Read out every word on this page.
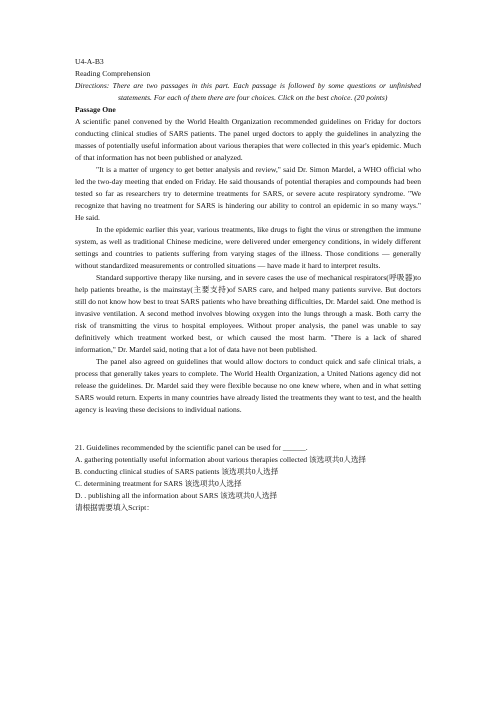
U4-A-B3
Reading Comprehension
Directions: There are two passages in this part. Each passage is followed by some questions or unfinished statements. For each of them there are four choices. Click on the best choice. (20 points)
Passage One

A scientific panel convened by the World Health Organization recommended guidelines on Friday for doctors conducting clinical studies of SARS patients. The panel urged doctors to apply the guidelines in analyzing the masses of potentially useful information about various therapies that were collected in this year's epidemic. Much of that information has not been published or analyzed.

"It is a matter of urgency to get better analysis and review," said Dr. Simon Mardel, a WHO official who led the two-day meeting that ended on Friday. He said thousands of potential therapies and compounds had been tested so far as researchers try to determine treatments for SARS, or severe acute respiratory syndrome. "We recognize that having no treatment for SARS is hindering our ability to control an epidemic in so many ways." He said.

In the epidemic earlier this year, various treatments, like drugs to fight the virus or strengthen the immune system, as well as traditional Chinese medicine, were delivered under emergency conditions, in widely different settings and countries to patients suffering from varying stages of the illness. Those conditions — generally without standardized measurements or controlled situations — have made it hard to interpret results.

Standard supportive therapy like nursing, and in severe cases the use of mechanical respirators(呼吸器)to help patients breathe, is the mainstay(主要支持)of SARS care, and helped many patients survive. But doctors still do not know how best to treat SARS patients who have breathing difficulties, Dr. Mardel said. One method is invasive ventilation. A second method involves blowing oxygen into the lungs through a mask. Both carry the risk of transmitting the virus to hospital employees. Without proper analysis, the panel was unable to say definitively which treatment worked best, or which caused the most harm. "There is a lack of shared information," Dr. Mardel said, noting that a lot of data have not been published.

The panel also agreed on guidelines that would allow doctors to conduct quick and safe clinical trials, a process that generally takes years to complete. The World Health Organization, a United Nations agency did not release the guidelines. Dr. Mardel said they were flexible because no one knew where, when and in what setting SARS would return. Experts in many countries have already listed the treatments they want to test, and the health agency is leaving these decisions to individual nations.

21. Guidelines recommended by the scientific panel can be used for ______.
A. gathering potentially useful information about various therapies collected 该选项共0人选择
B. conducting clinical studies of SARS patients 该选项共0人选择
C. determining treatment for SARS 该选项共0人选择
D. . publishing all the information about SARS 该选项共0人选择
请根据需要填入Script：
